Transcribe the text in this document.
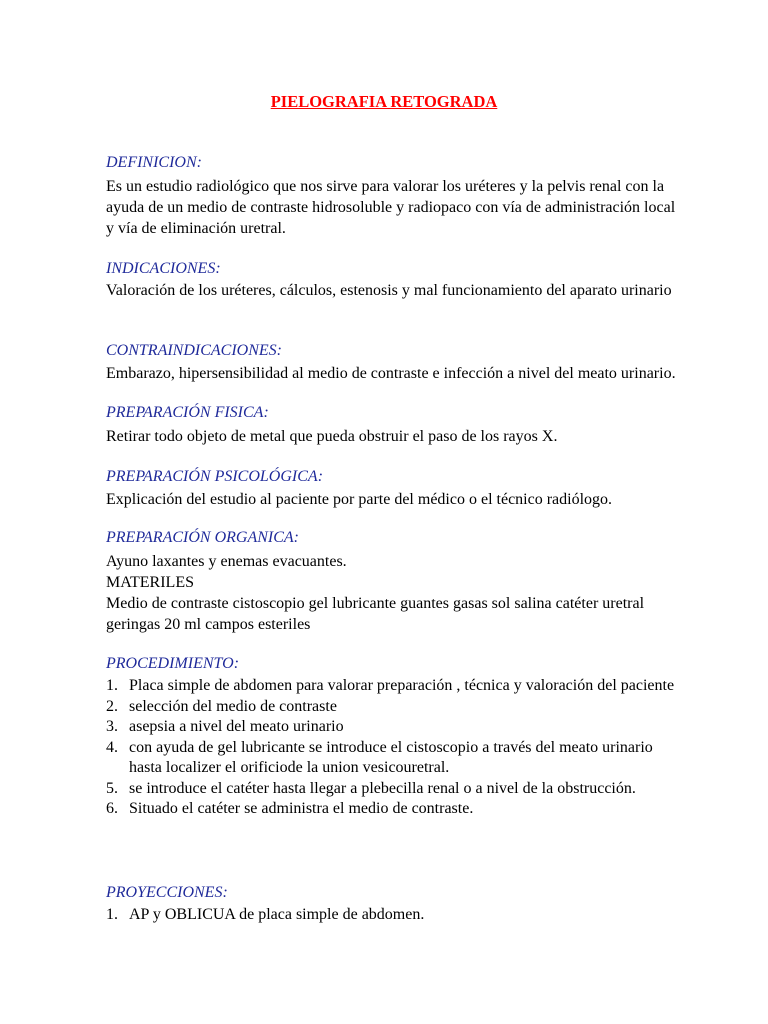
PIELOGRAFIA RETOGRADA
DEFINICION:

Es un estudio radiológico que nos sirve para valorar los uréteres y la pelvis renal con la ayuda de un medio de contraste hidrosoluble y radiopaco con vía de administración local y vía de eliminación uretral.

INDICACIONES:

Valoración de los uréteres, cálculos, estenosis y mal funcionamiento del aparato urinario

CONTRAINDICACIONES:

Embarazo, hipersensibilidad al medio de contraste e infección a nivel del meato urinario.

PREPARACIÓN FISICA:

Retirar todo objeto de metal que pueda obstruir el paso de los rayos X.

PREPARACIÓN PSICOLÓGICA:

Explicación del estudio al paciente por parte del médico o el técnico radiólogo.

PREPARACIÓN ORGANICA:

Ayuno laxantes y enemas evacuantes.

MATERILES

Medio de contraste cistoscopio gel lubricante guantes gasas sol salina catéter uretral geringas 20 ml campos esteriles

PROCEDIMIENTO:
1. Placa simple de abdomen para valorar preparación , técnica y valoración del paciente
2. selección del medio de contraste
3. asepsia a nivel del meato urinario
4. con ayuda de gel lubricante se introduce el cistoscopio a través del meato urinario hasta localizer el orificiode la union vesicouretral.
5. se introduce el catéter hasta llegar a plebecilla renal o a nivel de la obstrucción.
6. Situado el catéter se administra el medio de contraste.
PROYECCIONES:
1. AP y OBLICUA de placa simple de abdomen.
